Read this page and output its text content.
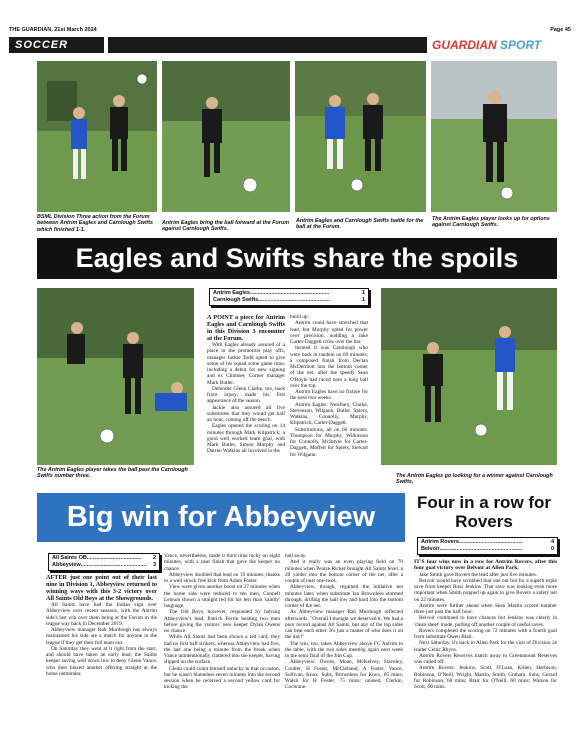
THE GUARDIAN, 21st March 2024	Page 45
SOCCER	GUARDIAN SPORT
BSML Division Three action from the Forum between Antrim Eagles and Carnlough Swifts which finished 1-1.
Antrim Eagles bring the ball forward at the Forum against Carnlough Swifts.
Antrim Eagles and Carnlough Swifts battle for the ball at the Forum.
The Antrim Eagles player looks up for options against Carnlough Swifts.
Eagles and Swifts share the spoils
The Antrim Eagles player takes the ball past the Carnlough Swifts number three.
Antrim Eagles ....................................................	1
Carnlough Swifts ...............................................	1

A POINT a piece for Antrim Eagles and Carnlough Swifts in this Division 3 encounter at the Forum.

With Eagles already assured of a place in the promotion play offs, manager Jackie Todd opted to give some of his squad some game time, including a debut for new signing and ex Chimney Corner manager Mark Butler.

Defender Glenn Clarke, too, back from injury, made his first appearance of the season.

Jackie also assured all five substitutes that they would get half an hour, coming off the bench.

Eagles opened the scoring on 14 minutes through Mark Kilpatrick; a good well worked team goal, with Mark Butler, Simon Murphy and Darren Watkins all involved in the

build up.

Antrim could have stretched that lead, but Murphy opted for power over precision, nodding a Jake Carter-Daggett cross over the bar.

Instead it was Carnlough who were back in tandem on 69 minutes; a composed finish from Declan McDermott into the bottom corner of the net, after the speedy Sean O'Boyle had raced onto a long ball over the top.

Antrim Eagles have no fixture for the next two weeks.

Antrim Eagles: Newbury, Clarke, Stevenson, Wilgann, Butler, Spiers, Watkins, Connolly, Murphy, Kilpatrick, Carter-Daggett.

Substitutions, all on 60 minutes: Thompson for Murphy, Wilkinson for Connolly, McIntyre for Carter-Daggett, Moffett for Spiers, Stewart for Wilgann.

The Antrim Eagles go looking for a winner against Carnlough Swifts.
Big win for Abbeyview
All Saints OB ....................................	2
Abbeyview ...........................................	3

AFTER just one point out of their last nine in Division 1, Abbeyview returned to winning ways with this 3-2 victory over All Saints Old Boys at the Showgrounds.

All Saints have had the Indian sign over Abbeyview over recent seasons, with the Antrim side's last win over them being at the Forum in the league way back in December 2019.

Abbeyview manager Rab Murdough has always maintained his side are a match for anyone in the league if they get their full team out.

On Saturday they went at it right from the start, and should have taken an early lead; the Saints keeper saving well down low to deny Glenn Vance, who then blazed another offering straight at the home netminder.

Vance, nevertheless, made it third time lucky on eight minutes, with a neat finish that gave the keeper no chance.

Abbeyview doubled that lead on 19 minutes, thanks to a well struck free kick from Adam Foster.

View were given another boost on 27 minutes when the home side were reduced to ten men, Connell Lennon shown a straight red for his less than 'saintly' language.

The Old Boys, however, responded by halving Abbeyview's lead, Patrick Ferrin beating two men before giving the visitors' new keeper Dylan Owens no chance.

While All Saints had been shown a red card, they had no first half strikers, whereas Abbeyview had five, the last one being a minute from the break when Vance unintentionally clattered into the keeper, having slipped on the surface.

Glenn could count himself unlucky in that occasion, but he wasn't blameless seven minutes into the second session when he received a second yellow card for kicking the

ball away.

And it really was an even playing field on 70 minutes when Pearse Ricker brought All Saints level, a 20 yarder into the bottom corner of the net, after a couple of neat one-twos.

Abbeyview, though, regained the initiative ten minutes later, when substitute Ian Brownlees stormed through, drilling the ball low and hard into the bottom corner of the net.

As Abbeyview manager Rab Murdough reflected afterwards, "Overall I thought we deserved it. We had a poor record against All Saints, but any of the top sides can beat each other. It's just a matter of who does it on the day!"

The win, too, takes Abbeyview above FC Antrim in the table, with the two sides meeting again next week in the semi final of the Jim Cup.

Abbeyview: Owens, Moan, McKelvey, Staveley, Coulter, H Foster, McClelland, A Foster, Vance, Sullivan, Knox. Subs, Brownlees for Knox, 65 mins; Walsh for H Foster, 75 mins; unused, Clerkin, Cochrane.

Four in a row for Rovers
Antrim Rovers ..........................................	4
Belvoir ......................................................	0

IT'S four wins now in a row for Antrim Rovers, after this four goal victory over Belvoir at Allen Park.

Jake Smith gave Rovers the lead after just five minutes.

Belvoir would have scrubbed that one out but for a superb triple save from keeper Ross Jenkins. That save was looking even more important when Smith popped up again to give Rovers a safety net on 22 minutes.

Antrim were further ahead when Sean Martin scored number three just past the half hour.

Belvoir continued to have chances but Jenkins was clearly in 'clean sheet' mode, pulling off another couple of useful saves.

Rovers completed the scoring on 72 minutes with a fourth goal from substitute Owen Blair.

Next Saturday, it's back to Allen Park for the visit of Division 2e leader Celtic Rhyns.

Antrim Rovers Reserves match away to Greenmount Reserves was called off.

Antrim Rovers: Jenkins, Scott, O'Loan, Killen, Herbison, Robinson, O'Neill, Wright, Martin, Smith, Graham. Subs, Gerard for Robinson, 60 mins; Blair for O'Neill, 60 mins; Watson for Scott, 60 mins.
